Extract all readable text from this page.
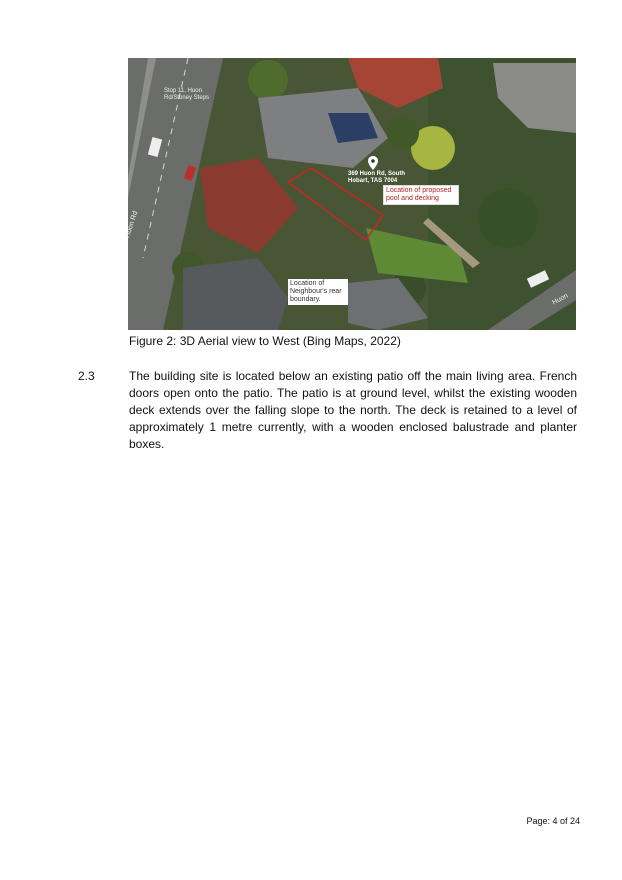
Stop 11, Huon
Rd/Stoney Steps
Huon Rd
Huon
369 Huon Rd, South
Hobart, TAS 7004
Location of proposed
pool and decking
Location of
Neighbour's rear
boundary.
Figure 2: 3D Aerial view to West (Bing Maps, 2022)
2.3	The building site is located below an existing patio off the main living area. French doors open onto the patio. The patio is at ground level, whilst the existing wooden deck extends over the falling slope to the north. The deck is retained to a level of approximately 1 metre currently, with a wooden enclosed balustrade and planter boxes.
Page: 4 of 24
